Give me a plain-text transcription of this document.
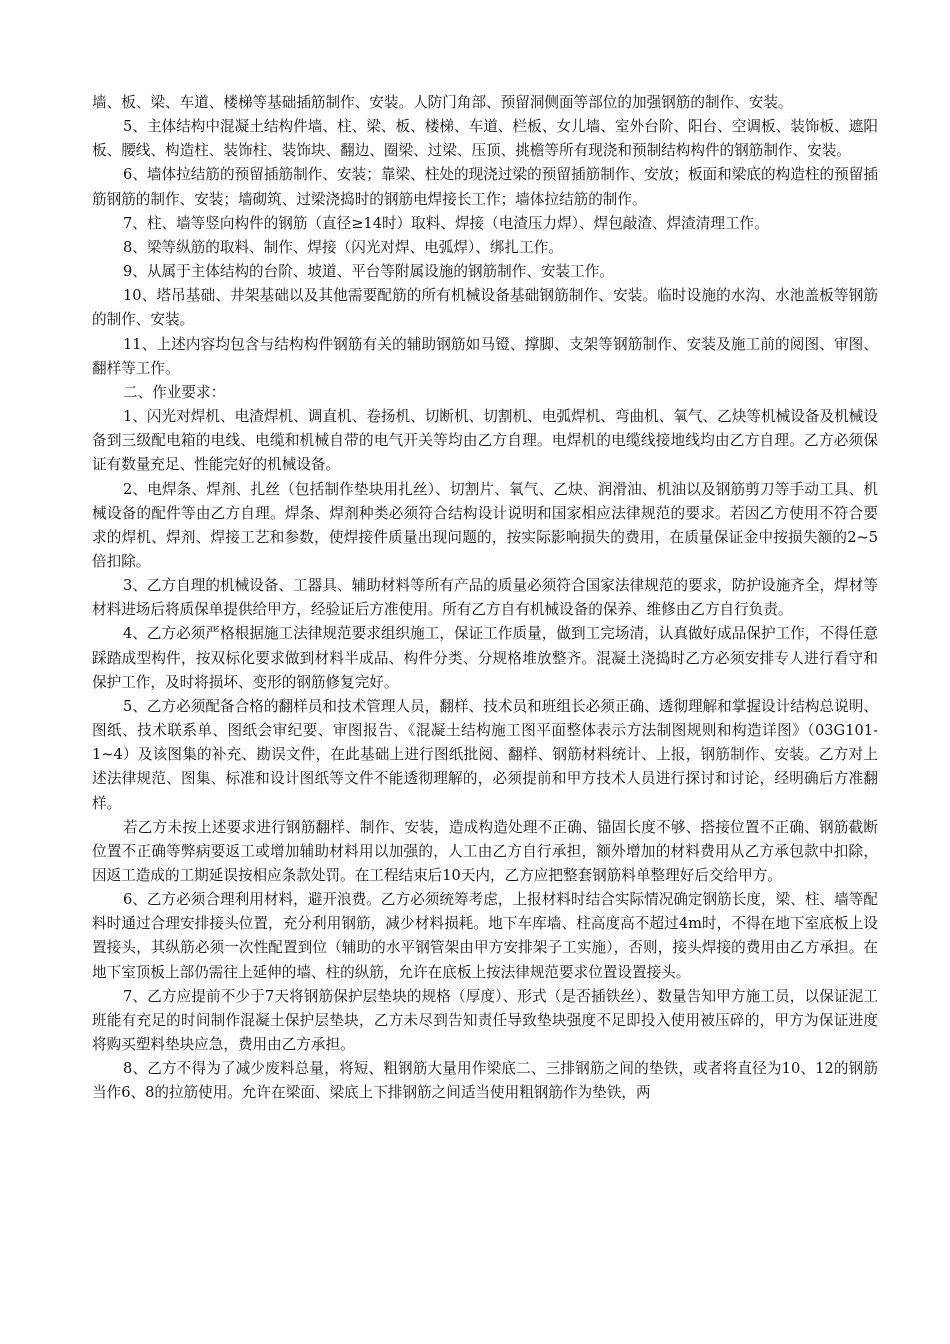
墙、板、梁、车道、楼梯等基础插筋制作、安装。人防门角部、预留洞侧面等部位的加强钢筋的制作、安装。

5、主体结构中混凝土结构件墙、柱、梁、板、楼梯、车道、栏板、女儿墙、室外台阶、阳台、空调板、装饰板、遮阳板、腰线、构造柱、装饰柱、装饰块、翻边、圈梁、过梁、压顶、挑檐等所有现浇和预制结构构件的钢筋制作、安装。

6、墙体拉结筋的预留插筋制作、安装；靠梁、柱处的现浇过梁的预留插筋制作、安放；板面和梁底的构造柱的预留插筋钢筋的制作、安装；墙砌筑、过梁浇捣时的钢筋电焊接长工作；墙体拉结筋的制作。

7、柱、墙等竖向构件的钢筋（直径≥14时）取料、焊接（电渣压力焊）、焊包敲渣、焊渣清理工作。

8、梁等纵筋的取料、制作、焊接（闪光对焊、电弧焊）、绑扎工作。

9、从属于主体结构的台阶、坡道、平台等附属设施的钢筋制作、安装工作。

10、塔吊基础、井架基础以及其他需要配筋的所有机械设备基础钢筋制作、安装。临时设施的水沟、水池盖板等钢筋的制作、安装。

11、上述内容均包含与结构构件钢筋有关的辅助钢筋如马镫、撑脚、支架等钢筋制作、安装及施工前的阅图、审图、翻样等工作。

二、作业要求：

1、闪光对焊机、电渣焊机、调直机、卷扬机、切断机、切割机、电弧焊机、弯曲机、氧气、乙炔等机械设备及机械设备到三级配电箱的电线、电缆和机械自带的电气开关等均由乙方自理。电焊机的电缆线接地线均由乙方自理。乙方必须保证有数量充足、性能完好的机械设备。

2、电焊条、焊剂、扎丝（包括制作垫块用扎丝）、切割片、氧气、乙炔、润滑油、机油以及钢筋剪刀等手动工具、机械设备的配件等由乙方自理。焊条、焊剂种类必须符合结构设计说明和国家相应法律规范的要求。若因乙方使用不符合要求的焊机、焊剂、焊接工艺和参数，使焊接件质量出现问题的，按实际影响损失的费用，在质量保证金中按损失额的2~5倍扣除。

3、乙方自理的机械设备、工器具、辅助材料等所有产品的质量必须符合国家法律规范的要求，防护设施齐全，焊材等材料进场后将质保单提供给甲方，经验证后方准使用。所有乙方自有机械设备的保养、维修由乙方自行负责。

4、乙方必须严格根据施工法律规范要求组织施工，保证工作质量，做到工完场清，认真做好成品保护工作，不得任意踩踏成型构件，按双标化要求做到材料半成品、构件分类、分规格堆放整齐。混凝土浇捣时乙方必须安排专人进行看守和保护工作，及时将损坏、变形的钢筋修复完好。

5、乙方必须配备合格的翻样员和技术管理人员，翻样、技术员和班组长必须正确、透彻理解和掌握设计结构总说明、图纸、技术联系单、图纸会审纪要、审图报告、《混凝土结构施工图平面整体表示方法制图规则和构造详图》（03G101-1~4）及该图集的补充、勘误文件，在此基础上进行图纸批阅、翻样、钢筋材料统计、上报，钢筋制作、安装。乙方对上述法律规范、图集、标准和设计图纸等文件不能透彻理解的，必须提前和甲方技术人员进行探讨和讨论，经明确后方准翻样。

若乙方未按上述要求进行钢筋翻样、制作、安装，造成构造处理不正确、锚固长度不够、搭接位置不正确、钢筋截断位置不正确等弊病要返工或增加辅助材料用以加强的，人工由乙方自行承担，额外增加的材料费用从乙方承包款中扣除，因返工造成的工期延误按相应条款处罚。在工程结束后10天内，乙方应把整套钢筋料单整理好后交给甲方。

6、乙方必须合理利用材料，避开浪费。乙方必须统筹考虑，上报材料时结合实际情况确定钢筋长度，梁、柱、墙等配料时通过合理安排接头位置，充分利用钢筋，减少材料损耗。地下车库墙、柱高度高不超过4m时，不得在地下室底板上设置接头，其纵筋必须一次性配置到位（辅助的水平钢管架由甲方安排架子工实施），否则，接头焊接的费用由乙方承担。在地下室顶板上部仍需往上延伸的墙、柱的纵筋，允许在底板上按法律规范要求位置设置接头。

7、乙方应提前不少于7天将钢筋保护层垫块的规格（厚度）、形式（是否插铁丝）、数量告知甲方施工员，以保证泥工班能有充足的时间制作混凝土保护层垫块，乙方未尽到告知责任导致垫块强度不足即投入使用被压碎的，甲方为保证进度将购买塑料垫块应急，费用由乙方承担。

8、乙方不得为了减少废料总量，将短、粗钢筋大量用作梁底二、三排钢筋之间的垫铁，或者将直径为10、12的钢筋当作6、8的拉筋使用。允许在梁面、梁底上下排钢筋之间适当使用粗钢筋作为垫铁，两
